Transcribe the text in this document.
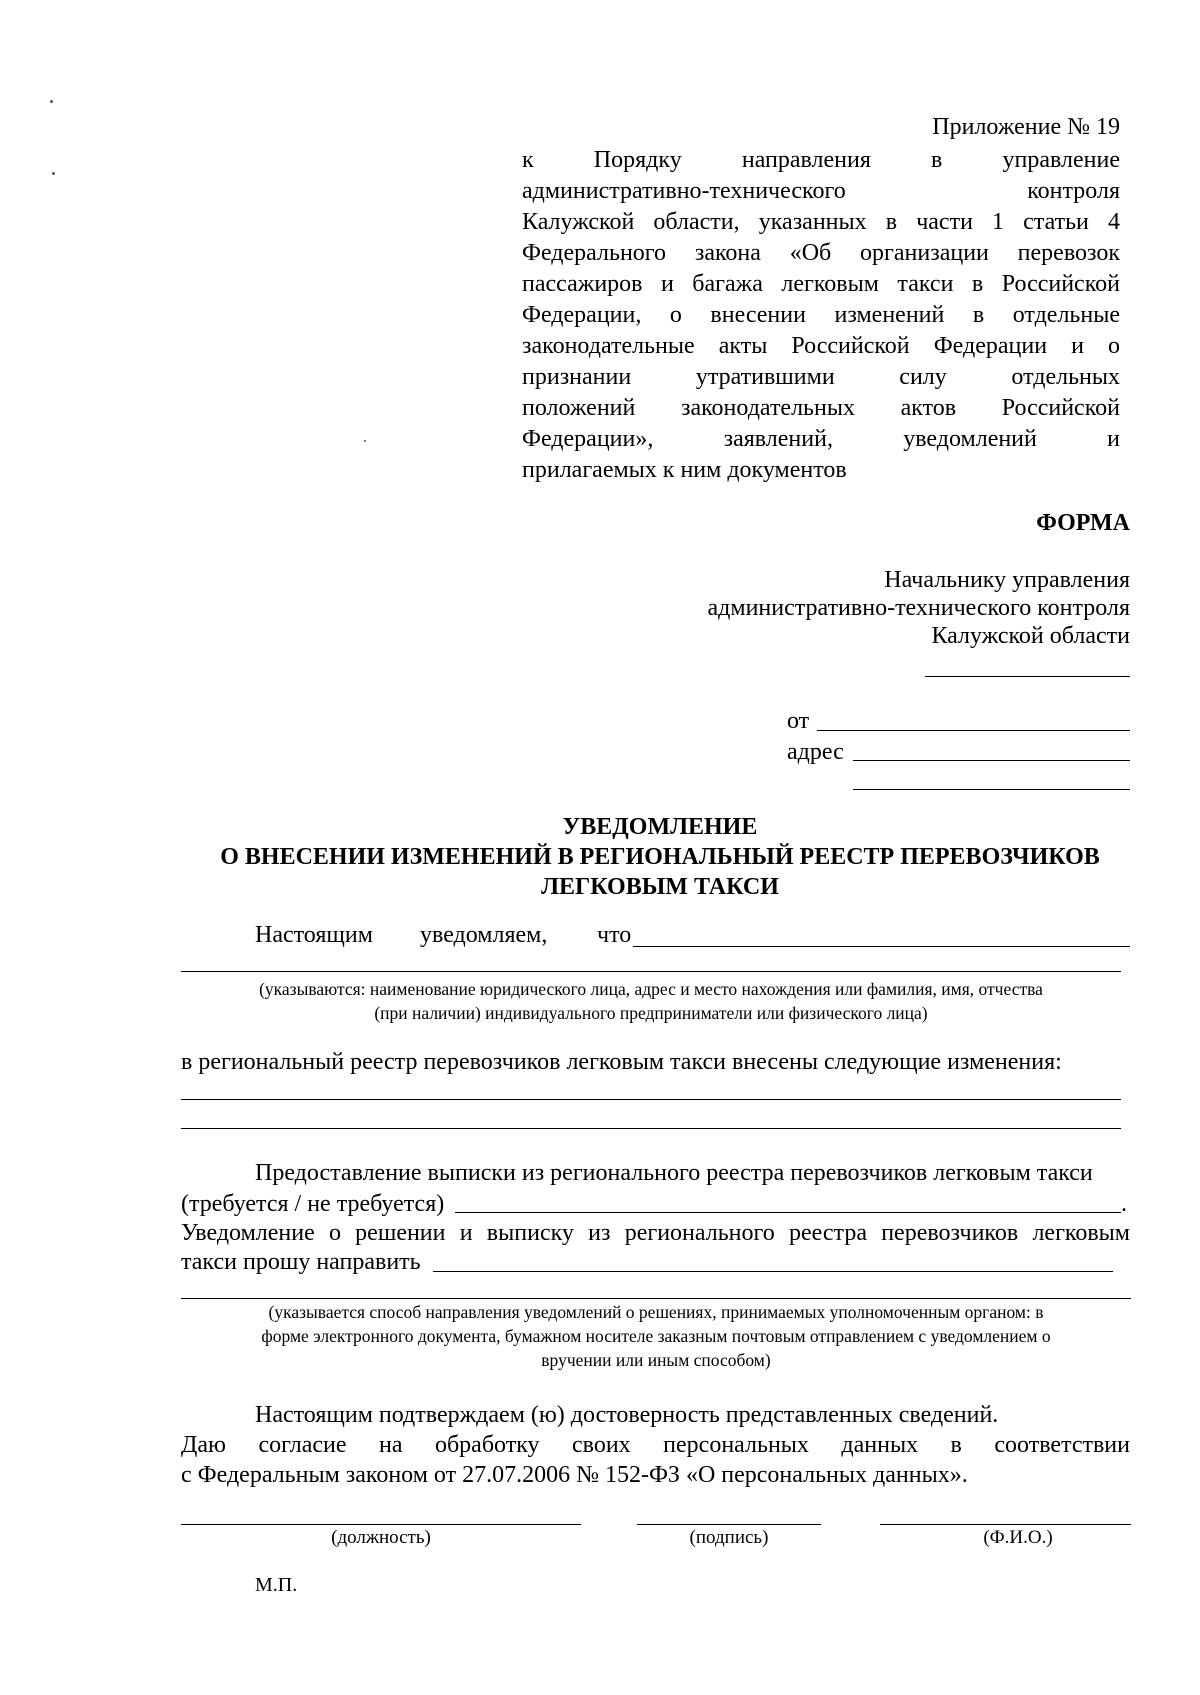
Приложение № 19
к Порядку направления в управление
административно-технического контроля
Калужской области, указанных в части 1 статьи 4
Федерального закона «Об организации перевозок
пассажиров и багажа легковым такси в Российской
Федерации, о внесении изменений в отдельные
законодательные акты Российской Федерации и о
признании утратившими силу отдельных
положений законодательных актов Российской
Федерации», заявлений, уведомлений и
прилагаемых к ним документов
ФОРМА
Начальнику управления
административно-технического контроля
Калужской области
от
адрес
УВЕДОМЛЕНИЕ
О ВНЕСЕНИИ ИЗМЕНЕНИЙ В РЕГИОНАЛЬНЫЙ РЕЕСТР ПЕРЕВОЗЧИКОВ
ЛЕГКОВЫМ ТАКСИ
Настоящим уведомляем, что
(указываются: наименование юридического лица, адрес и место нахождения или фамилия, имя, отчества
(при наличии) индивидуального предприниматели или физического лица)
в региональный реестр перевозчиков легковым такси внесены следующие изменения:
Предоставление выписки из регионального реестра перевозчиков легковым такси
(требуется / не требуется)	.
Уведомление о решении и выписку из регионального реестра перевозчиков легковым
такси прошу направить
(указывается способ направления уведомлений о решениях, принимаемых уполномоченным органом: в
форме электронного документа, бумажном носителе заказным почтовым отправлением с уведомлением о
вручении или иным способом)
Настоящим подтверждаем (ю) достоверность представленных сведений.
Даю согласие на обработку своих персональных данных в соответствии
с Федеральным законом от 27.07.2006 № 152-ФЗ «О персональных данных».
(должность)	(подпись)	(Ф.И.О.)
М.П.
